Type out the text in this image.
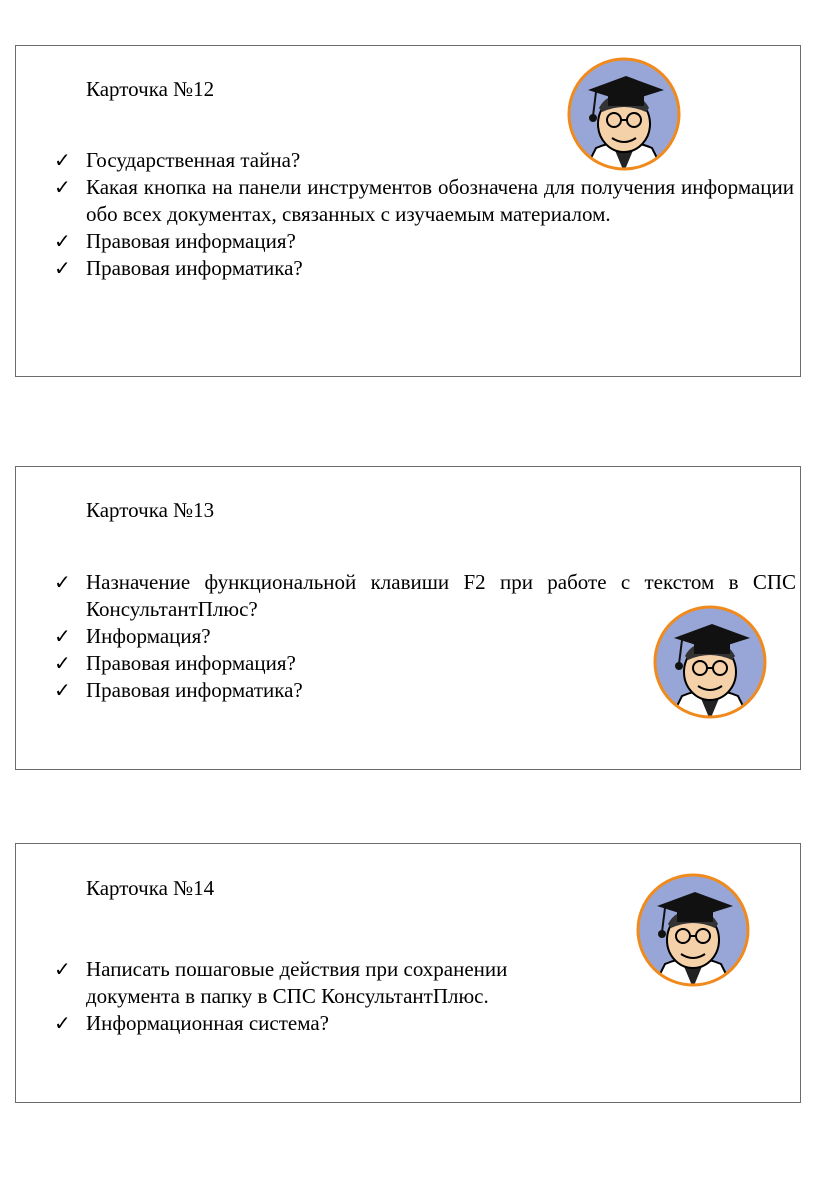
Карточка №12
✓ Государственная тайна?
✓ Какая кнопка на панели инструментов обозначена для получения информации обо всех документах, связанных с изучаемым материалом.
✓ Правовая информация?
✓ Правовая информатика?
Карточка №13
✓ Назначение функциональной клавиши F2 при работе с текстом в СПС КонсультантПлюс?
✓ Информация?
✓ Правовая информация?
✓ Правовая информатика?
Карточка №14
✓ Написать пошаговые действия при сохранении документа в папку в СПС КонсультантПлюс.
✓ Информационная система?
